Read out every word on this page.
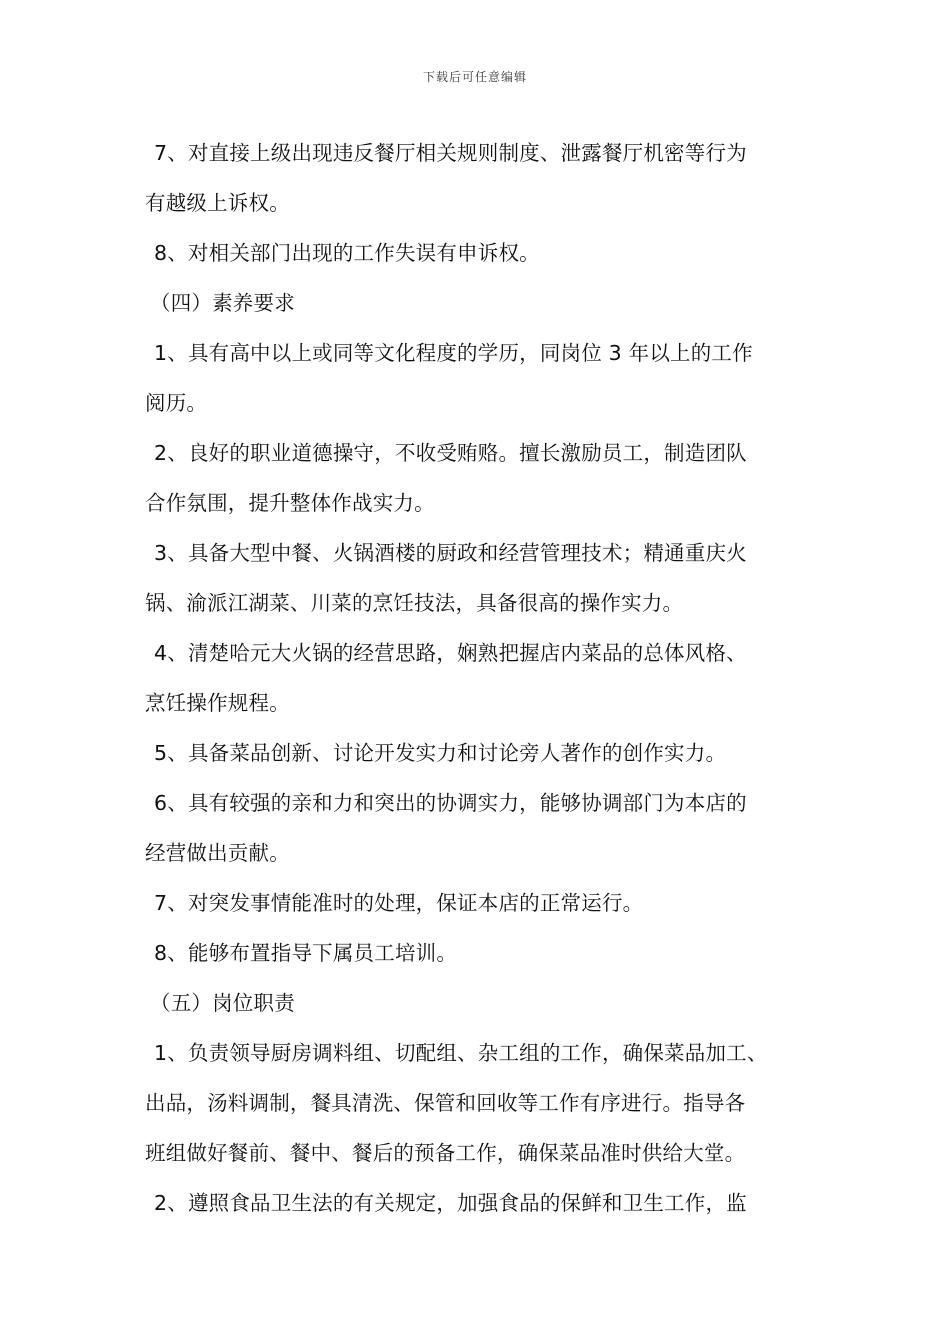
下载后可任意编辑
7、对直接上级出现违反餐厅相关规则制度、泄露餐厅机密等行为
有越级上诉权。
8、对相关部门出现的工作失误有申诉权。
（四）素养要求
1、具有高中以上或同等文化程度的学历，同岗位 3 年以上的工作
阅历。
2、良好的职业道德操守，不收受贿赂。擅长激励员工，制造团队
合作氛围，提升整体作战实力。
3、具备大型中餐、火锅酒楼的厨政和经营管理技术；精通重庆火
锅、渝派江湖菜、川菜的烹饪技法，具备很高的操作实力。
4、清楚哈元大火锅的经营思路，娴熟把握店内菜品的总体风格、
烹饪操作规程。
5、具备菜品创新、讨论开发实力和讨论旁人著作的创作实力。
6、具有较强的亲和力和突出的协调实力，能够协调部门为本店的
经营做出贡献。
7、对突发事情能准时的处理，保证本店的正常运行。
8、能够布置指导下属员工培训。
（五）岗位职责
1、负责领导厨房调料组、切配组、杂工组的工作，确保菜品加工、
出品，汤料调制，餐具清洗、保管和回收等工作有序进行。指导各
班组做好餐前、餐中、餐后的预备工作，确保菜品准时供给大堂。
2、遵照食品卫生法的有关规定，加强食品的保鲜和卫生工作，监
